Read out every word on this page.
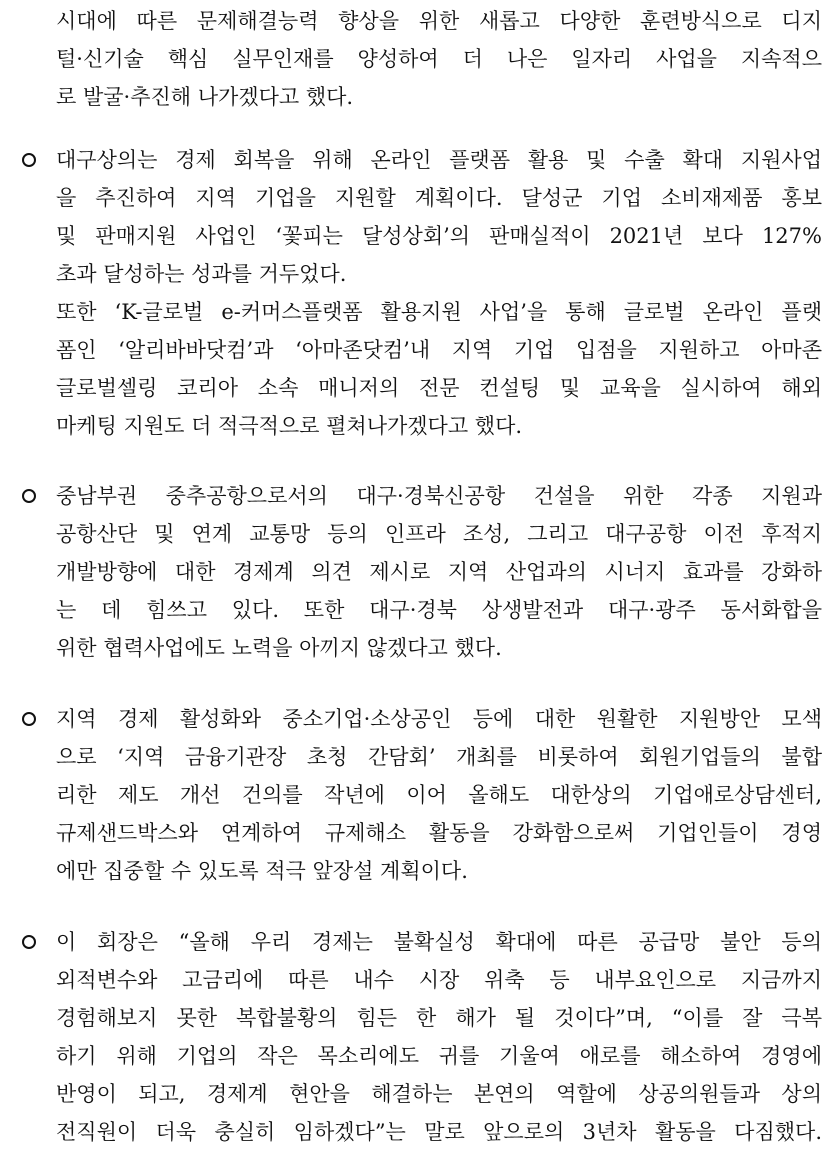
시대에 따른 문제해결능력 향상을 위한 새롭고 다양한 훈련방식으로 디지
털·신기술 핵심 실무인재를 양성하여 더 나은 일자리 사업을 지속적으
로 발굴·추진해 나가겠다고 했다.
대구상의는 경제 회복을 위해 온라인 플랫폼 활용 및 수출 확대 지원사업
을 추진하여 지역 기업을 지원할 계획이다. 달성군 기업 소비재제품 홍보
및 판매지원 사업인 ‘꽃피는 달성상회’의 판매실적이 2021년 보다 127%
초과 달성하는 성과를 거두었다.
또한 ‘K-글로벌 e-커머스플랫폼 활용지원 사업’을 통해 글로벌 온라인 플랫
폼인 ‘알리바바닷컴’과 ‘아마존닷컴’내 지역 기업 입점을 지원하고 아마존
글로벌셀링 코리아 소속 매니저의 전문 컨설팅 및 교육을 실시하여 해외
마케팅 지원도 더 적극적으로 펼쳐나가겠다고 했다.
중남부권 중추공항으로서의 대구·경북신공항 건설을 위한 각종 지원과
공항산단 및 연계 교통망 등의 인프라 조성, 그리고 대구공항 이전 후적지
개발방향에 대한 경제계 의견 제시로 지역 산업과의 시너지 효과를 강화하
는 데 힘쓰고 있다. 또한 대구·경북 상생발전과 대구·광주 동서화합을
위한 협력사업에도 노력을 아끼지 않겠다고 했다.
지역 경제 활성화와 중소기업·소상공인 등에 대한 원활한 지원방안 모색
으로 ‘지역 금융기관장 초청 간담회’ 개최를 비롯하여 회원기업들의 불합
리한 제도 개선 건의를 작년에 이어 올해도 대한상의 기업애로상담센터,
규제샌드박스와 연계하여 규제해소 활동을 강화함으로써 기업인들이 경영
에만 집중할 수 있도록 적극 앞장설 계획이다.
이 회장은 “올해 우리 경제는 불확실성 확대에 따른 공급망 불안 등의
외적변수와 고금리에 따른 내수 시장 위축 등 내부요인으로 지금까지
경험해보지 못한 복합불황의 힘든 한 해가 될 것이다”며, “이를 잘 극복
하기 위해 기업의 작은 목소리에도 귀를 기울여 애로를 해소하여 경영에
반영이 되고, 경제계 현안을 해결하는 본연의 역할에 상공의원들과 상의
전직원이 더욱 충실히 임하겠다”는 말로 앞으로의 3년차 활동을 다짐했다.
